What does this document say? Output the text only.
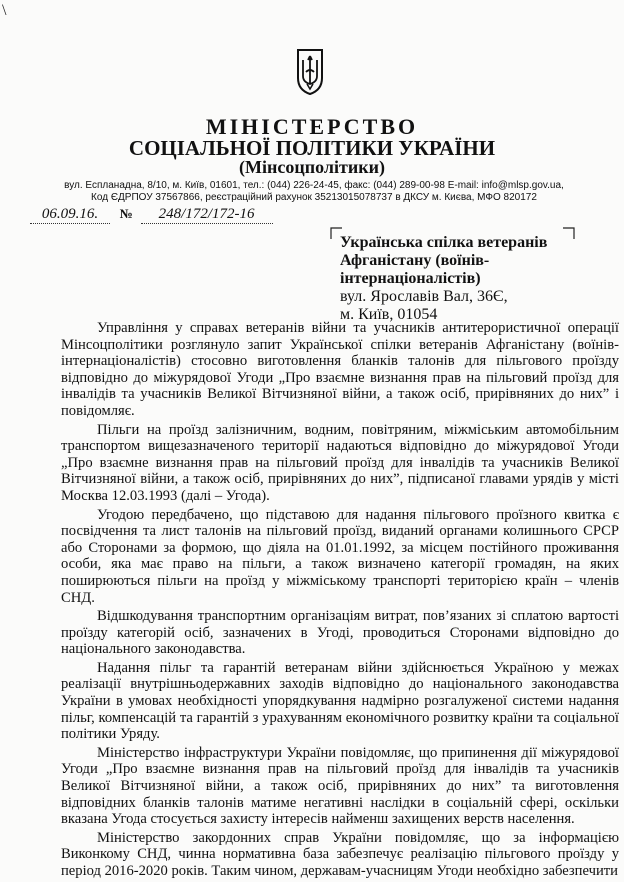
\
МІНІСТЕРСТВО
СОЦІАЛЬНОЇ ПОЛІТИКИ УКРАЇНИ
(Мінсоцполітики)
вул. Еспланадна, 8/10, м. Київ, 01601, тел.: (044) 226-24-45, факс: (044) 289-00-98 E-mail: info@mlsp.gov.ua,
Код ЄДРПОУ 37567866, реєстраційний рахунок 35213015078737 в ДКСУ м. Києва, МФО 820172
06.09.16. № 248/172/172-16
Українська спілка ветеранів
Афганістану (воїнів-
інтернаціоналістів)
вул. Ярославів Вал, 36Є,
м. Київ, 01054

Управління у справах ветеранів війни та учасників антитерористичної операції Мінсоцполітики розглянуло запит Української спілки ветеранів Афганістану (воїнів-інтернаціоналістів) стосовно виготовлення бланків талонів для пільгового проїзду відповідно до міжурядової Угоди „Про взаємне визнання прав на пільговий проїзд для інвалідів та учасників Великої Вітчизняної війни, а також осіб, прирівняних до них” і повідомляє.

Пільги на проїзд залізничним, водним, повітряним, міжміським автомобільним транспортом вищезазначеного території надаються відповідно до міжурядової Угоди „Про взаємне визнання прав на пільговий проїзд для інвалідів та учасників Великої Вітчизняної війни, а також осіб, прирівняних до них”, підписаної главами урядів у місті Москва 12.03.1993 (далі – Угода).

Угодою передбачено, що підставою для надання пільгового проїзного квитка є посвідчення та лист талонів на пільговий проїзд, виданий органами колишнього СРСР або Сторонами за формою, що діяла на 01.01.1992, за місцем постійного проживання особи, яка має право на пільги, а також визначено категорії громадян, на яких поширюються пільги на проїзд у міжміському транспорті територією країн – членів СНД.

Відшкодування транспортним організаціям витрат, пов’язаних зі сплатою вартості проїзду категорій осіб, зазначених в Угоді, проводиться Сторонами відповідно до національного законодавства.

Надання пільг та гарантій ветеранам війни здійснюється Україною у межах реалізації внутрішньодержавних заходів відповідно до національного законодавства України в умовах необхідності упорядкування надмірно розгалуженої системи надання пільг, компенсацій та гарантій з урахуванням економічного розвитку країни та соціальної політики Уряду.

Міністерство інфраструктури України повідомляє, що припинення дії міжурядової Угоди „Про взаємне визнання прав на пільговий проїзд для інвалідів та учасників Великої Вітчизняної війни, а також осіб, прирівняних до них” та виготовлення відповідних бланків талонів матиме негативні наслідки в соціальній сфері, оскільки вказана Угода стосується захисту інтересів найменш захищених верств населення.

Міністерство закордонних справ України повідомляє, що за інформацією Виконкому СНД, чинна нормативна база забезпечує реалізацію пільгового проїзду у період 2016-2020 років. Таким чином, державам-учасницям Угоди необхідно забезпечити
